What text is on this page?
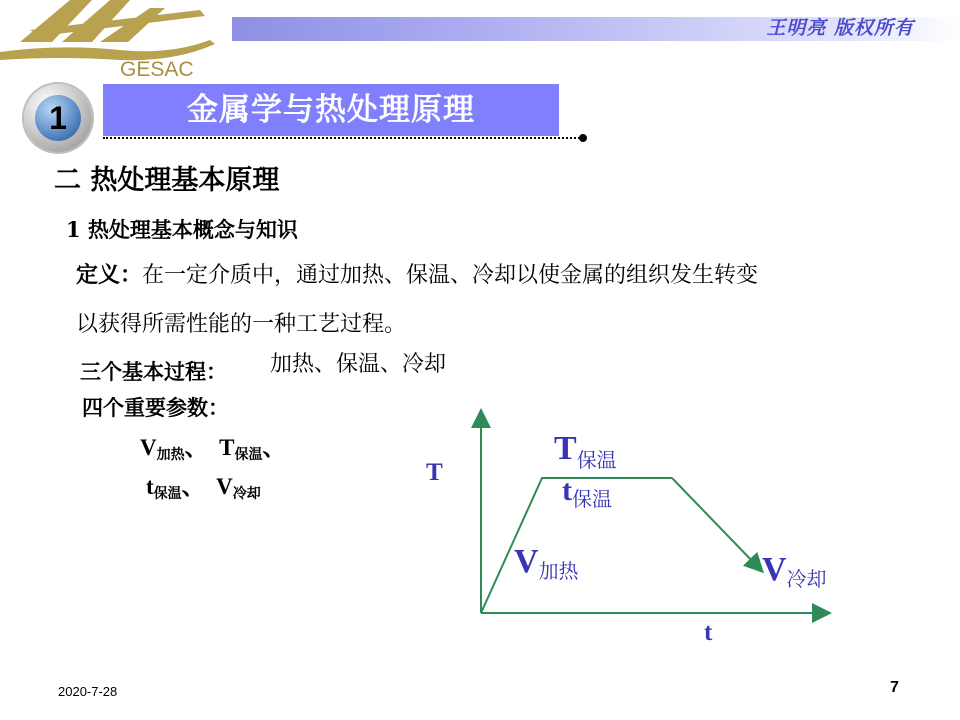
王明亮 版权所有
GESAC
1	金属学与热处理原理
二 热处理基本原理
1 热处理基本概念与知识
定义：在一定介质中，通过加热、保温、冷却以使金属的组织发生转变
以获得所需性能的一种工艺过程。
三个基本过程： 加热、保温、冷却
四个重要参数：
V加热、 T保温、
t保温、 V冷却
T
t
T保温
t保温
V加热	V冷却
2020-7-28	7
